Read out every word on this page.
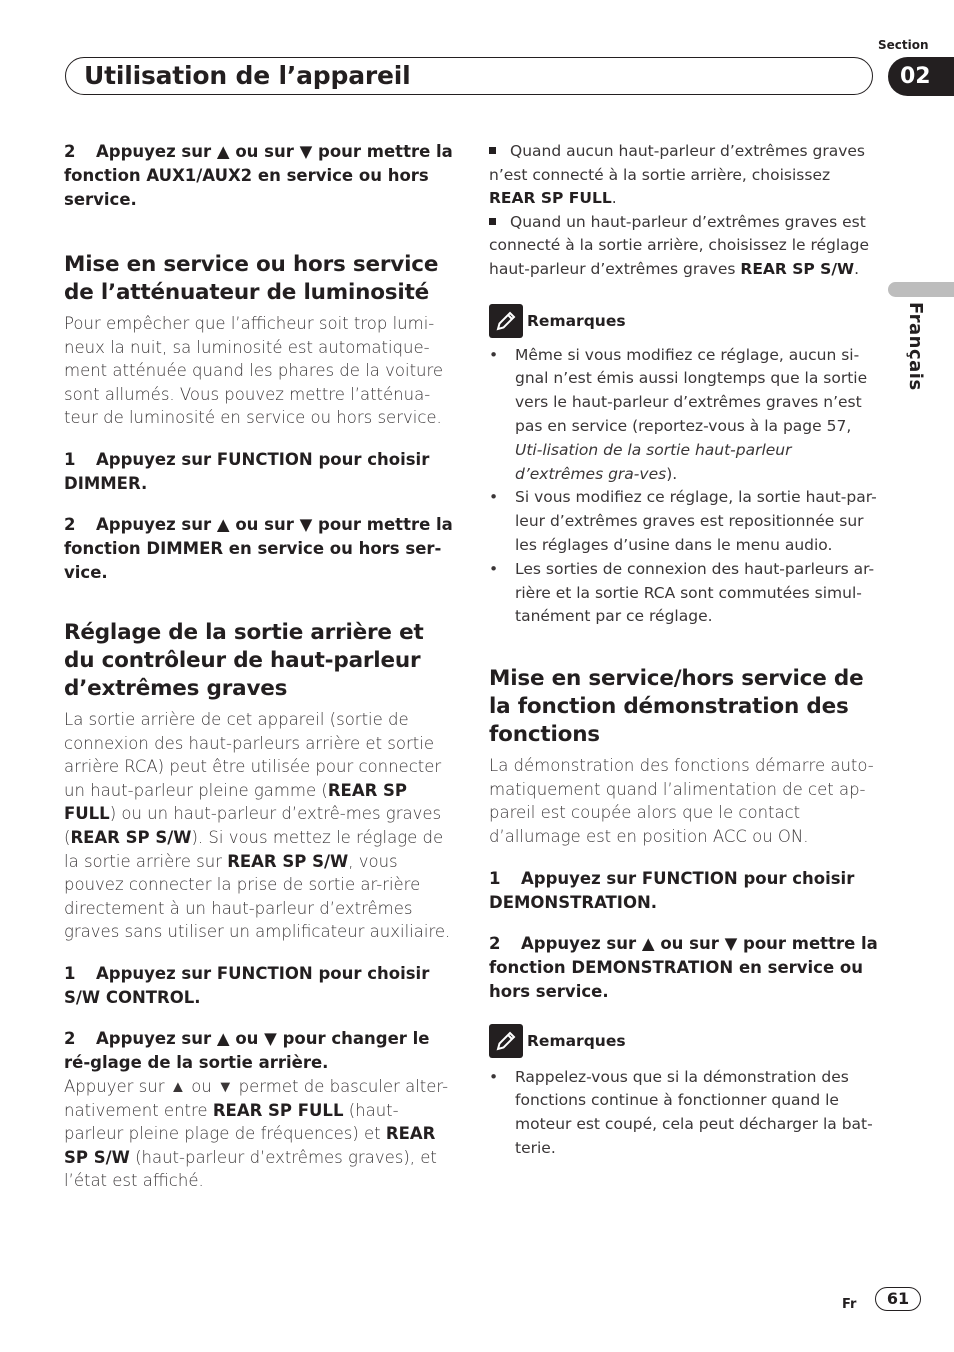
Utilisation de l’appareil
Section
02
Français

2 Appuyez sur ▲ ou sur ▼ pour mettre la fonction AUX1/AUX2 en service ou hors service.

Mise en service ou hors service de l’atténuateur de luminosité

Pour empêcher que l’afficheur soit trop lumi-neux la nuit, sa luminosité est automatique-ment atténuée quand les phares de la voiture sont allumés. Vous pouvez mettre l’atténua-teur de luminosité en service ou hors service.

1 Appuyez sur FUNCTION pour choisir DIMMER.

2 Appuyez sur ▲ ou sur ▼ pour mettre la fonction DIMMER en service ou hors ser-vice.

Réglage de la sortie arrière et du contrôleur de haut-parleur d’extrêmes graves

La sortie arrière de cet appareil (sortie de connexion des haut-parleurs arrière et sortie arrière RCA) peut être utilisée pour connecter un haut-parleur pleine gamme (REAR SP FULL) ou un haut-parleur d’extrê-mes graves (REAR SP S/W). Si vous mettez le réglage de la sortie arrière sur REAR SP S/W, vous pouvez connecter la prise de sortie ar-rière directement à un haut-parleur d’extrêmes graves sans utiliser un amplificateur auxiliaire.

1 Appuyez sur FUNCTION pour choisir S/W CONTROL.

2 Appuyez sur ▲ ou ▼ pour changer le ré-glage de la sortie arrière.

Appuyer sur ▲ ou ▼ permet de basculer alter-nativement entre REAR SP FULL (haut-parleur pleine plage de fréquences) et REAR SP S/W (haut-parleur d’extrêmes graves), et l’état est affiché.

Quand aucun haut-parleur d’extrêmes graves n’est connecté à la sortie arrière, choisissez REAR SP FULL.

Quand un haut-parleur d’extrêmes graves est connecté à la sortie arrière, choisissez le réglage haut-parleur d’extrêmes graves REAR SP S/W.

Remarques
• Même si vous modifiez ce réglage, aucun si-gnal n’est émis aussi longtemps que la sortie vers le haut-parleur d’extrêmes graves n’est pas en service (reportez-vous à la page 57, Uti-lisation de la sortie haut-parleur d’extrêmes gra-ves).
• Si vous modifiez ce réglage, la sortie haut-par-leur d’extrêmes graves est repositionnée sur les réglages d’usine dans le menu audio.
• Les sorties de connexion des haut-parleurs ar-rière et la sortie RCA sont commutées simul-tanément par ce réglage.
Mise en service/hors service de la fonction démonstration des fonctions

La démonstration des fonctions démarre auto-matiquement quand l’alimentation de cet ap-pareil est coupée alors que le contact d’allumage est en position ACC ou ON.

1 Appuyez sur FUNCTION pour choisir DEMONSTRATION.

2 Appuyez sur ▲ ou sur ▼ pour mettre la fonction DEMONSTRATION en service ou hors service.

Remarques
• Rappelez-vous que si la démonstration des fonctions continue à fonctionner quand le moteur est coupé, cela peut décharger la bat-terie.
Fr	61
